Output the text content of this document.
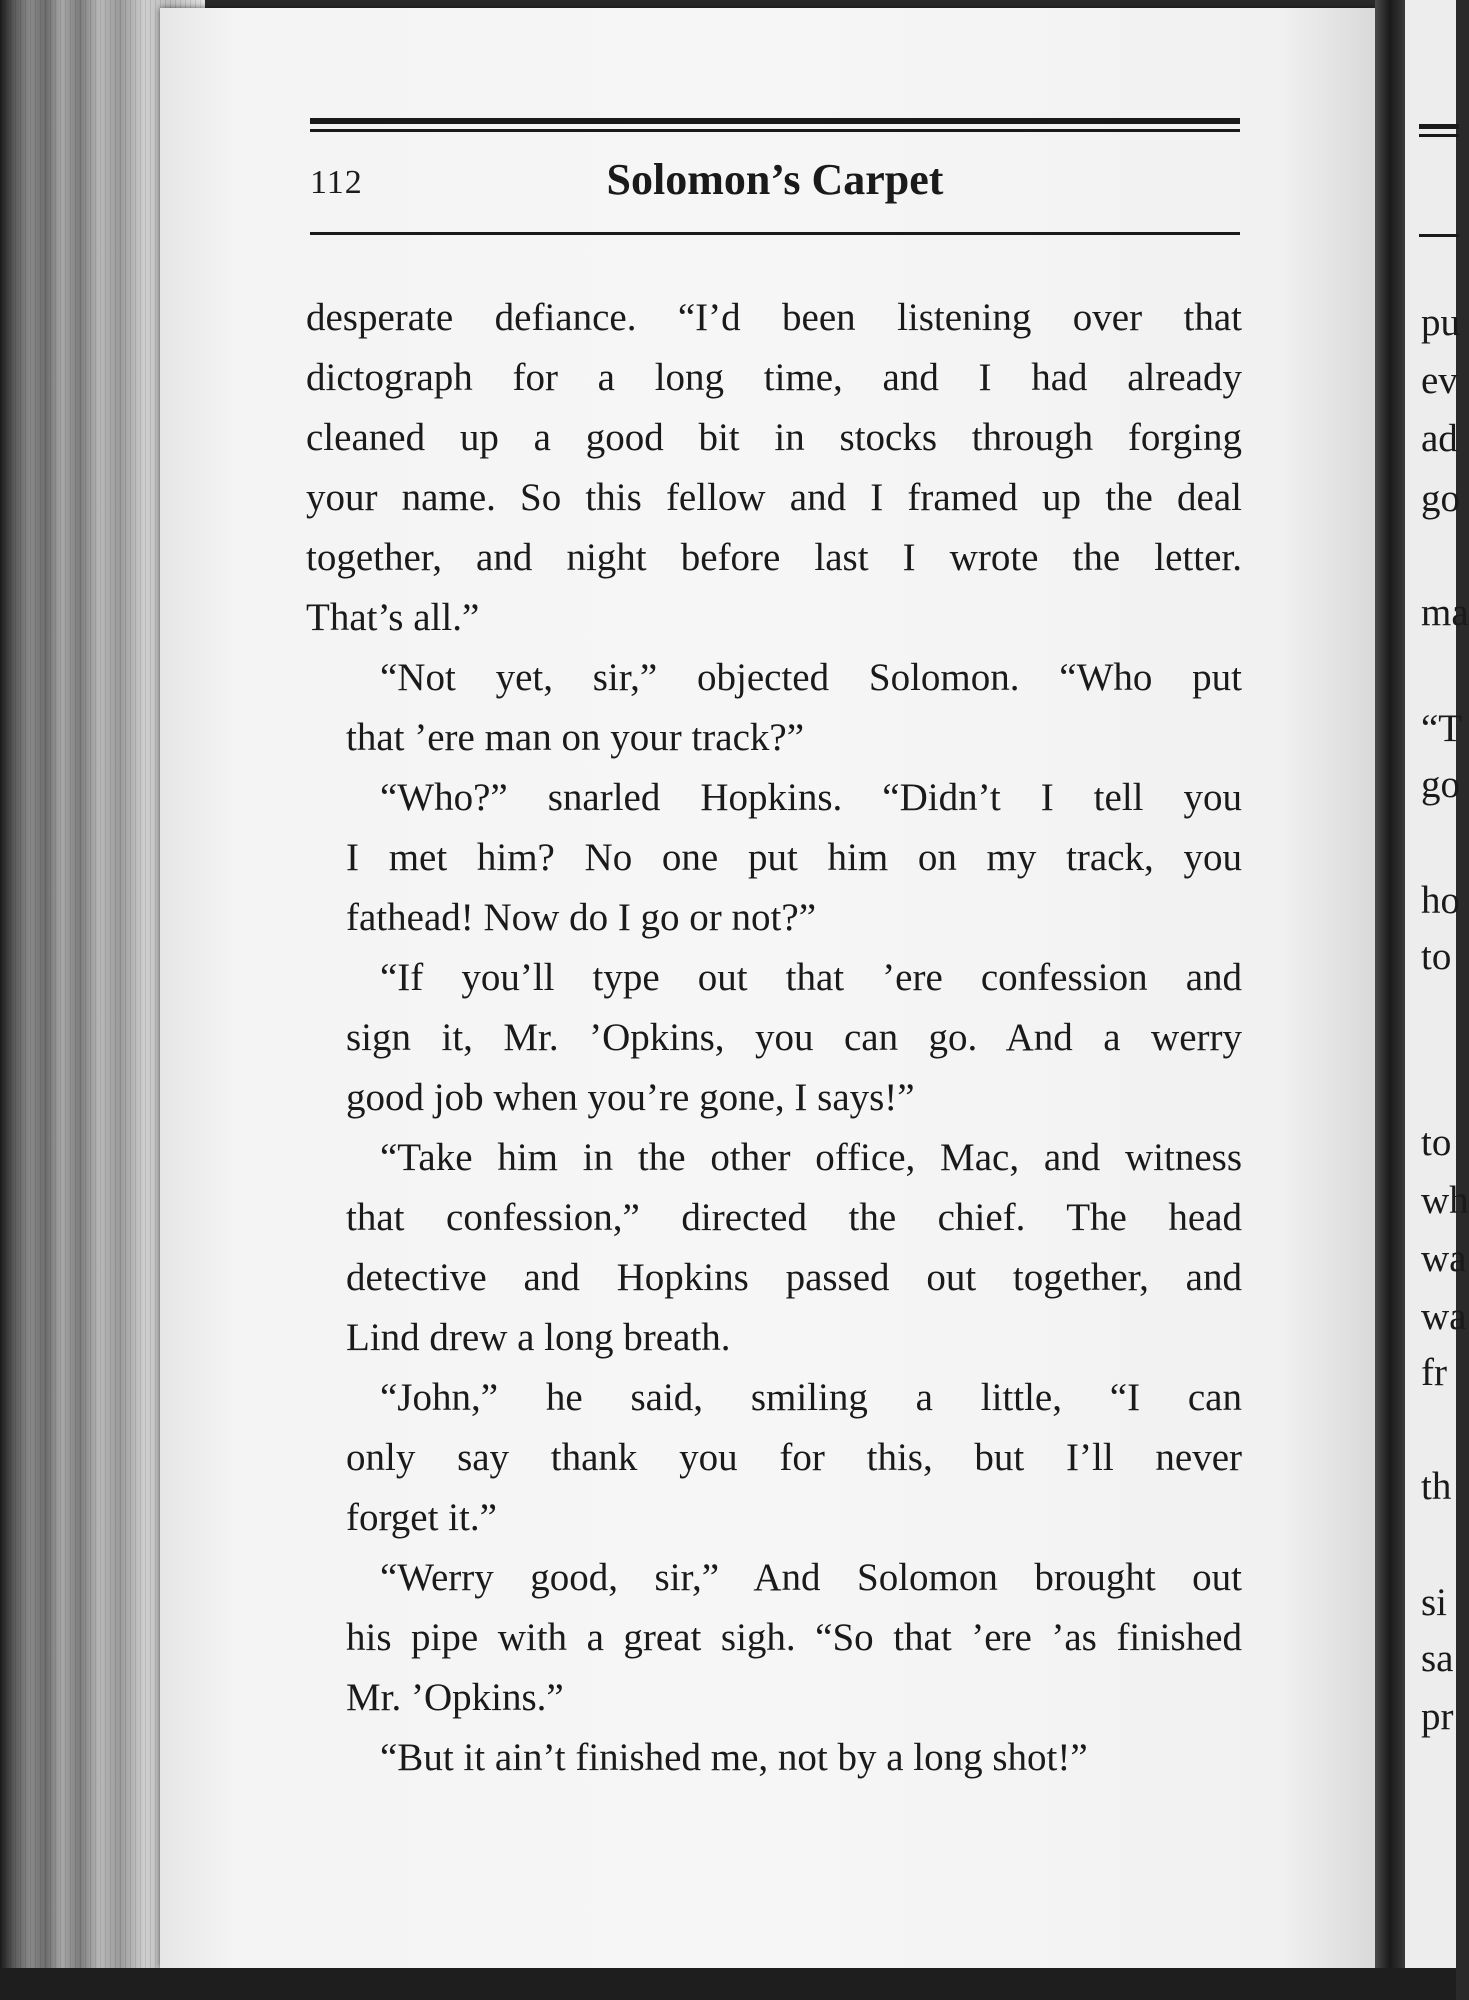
pu
ev
ad
go
ma
“T
go
ho
to
to
wh
wa
wa
fr
th
si
sa
pr
112	Solomon’s Carpet
desperate defiance. “I’d been listening over that
dictograph for a long time, and I had already
cleaned up a good bit in stocks through forging
your name. So this fellow and I framed up the deal
together, and night before last I wrote the letter.
That’s all.”
“Not yet, sir,” objected Solomon. “Who put
that ’ere man on your track?”
“Who?” snarled Hopkins. “Didn’t I tell you
I met him? No one put him on my track, you
fathead! Now do I go or not?”
“If you’ll type out that ’ere confession and
sign it, Mr. ’Opkins, you can go. And a werry
good job when you’re gone, I says!”
“Take him in the other office, Mac, and witness
that confession,” directed the chief. The head
detective and Hopkins passed out together, and
Lind drew a long breath.
“John,” he said, smiling a little, “I can
only say thank you for this, but I’ll never
forget it.”
“Werry good, sir,” And Solomon brought out
his pipe with a great sigh. “So that ’ere ’as finished
Mr. ’Opkins.”
“But it ain’t finished me, not by a long shot!”
